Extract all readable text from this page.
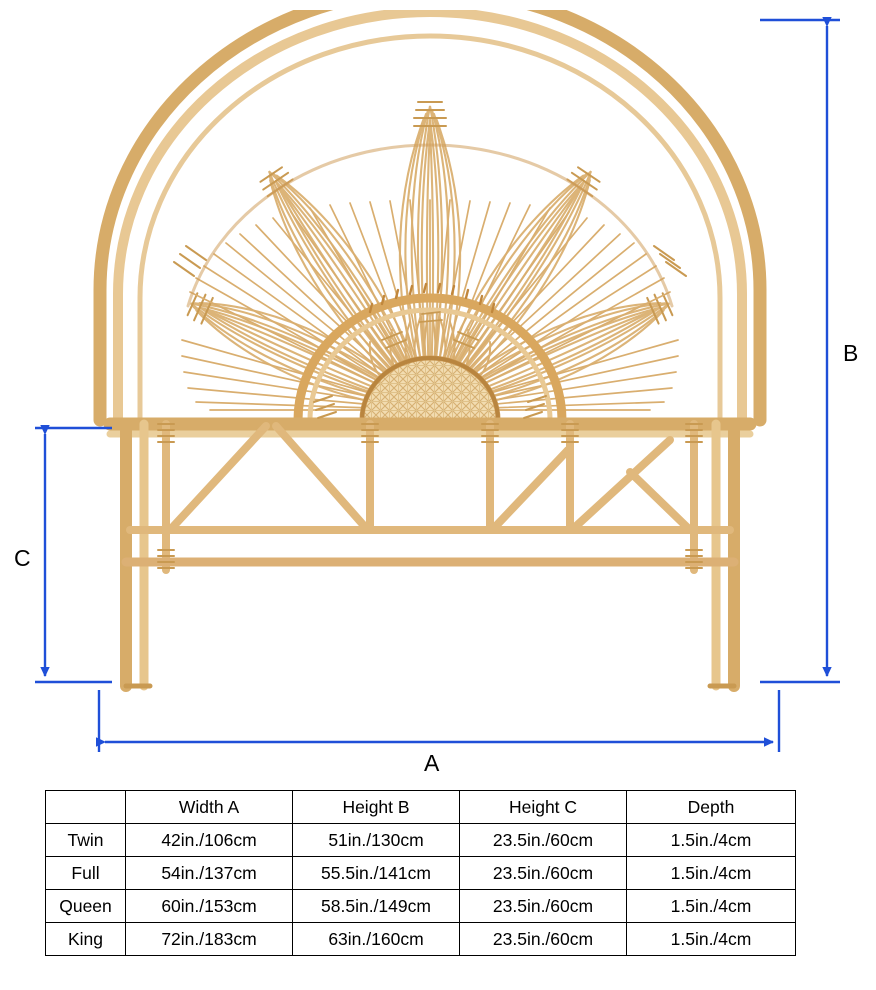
A
B
C
	Width A	Height B	Height C	Depth
Twin	42in./106cm	51in./130cm	23.5in./60cm	1.5in./4cm
Full	54in./137cm	55.5in./141cm	23.5in./60cm	1.5in./4cm
Queen	60in./153cm	58.5in./149cm	23.5in./60cm	1.5in./4cm
King	72in./183cm	63in./160cm	23.5in./60cm	1.5in./4cm
